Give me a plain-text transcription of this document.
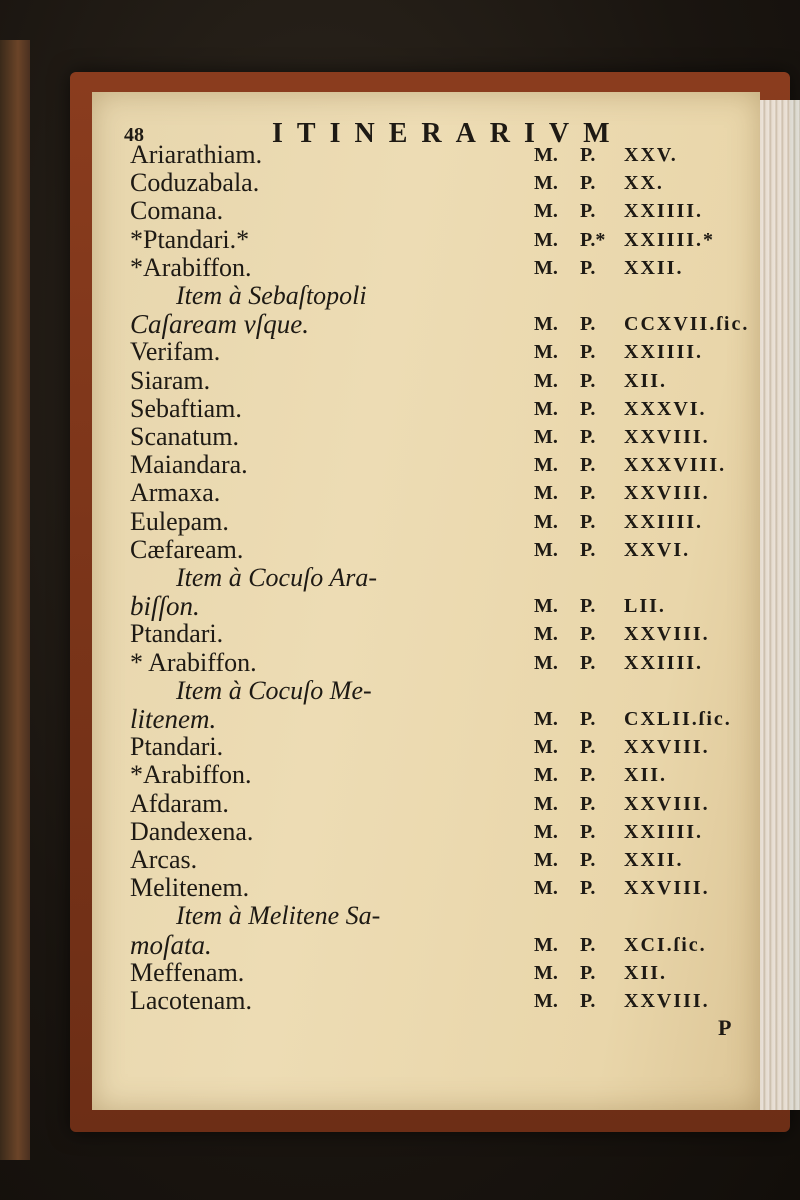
48	ITINERARIVM
Ariarathiam.	M. P. XXV.
Coduzabala.	M. P. XX.
Comana.	M. P. XXIIII.
*Ptandari.*	M. P.* XXIIII.*
*Arabiffon.	M. P. XXII.
Item à Sebaſtopoli
Caſaream vſque.	M. P. CCXVII.ſic.
Verifam.	M. P. XXIIII.
Siaram.	M. P. XII.
Sebaftiam.	M. P. XXXVI.
Scanatum.	M. P. XXVIII.
Maiandara.	M. P. XXXVIII.
Armaxa.	M. P. XXVIII.
Eulepam.	M. P. XXIIII.
Cæfaream.	M. P. XXVI.
Item à Cocuſo Ara-
biſſon.	M. P. LII.
Ptandari.	M. P. XXVIII.
* Arabiffon.	M. P. XXIIII.
Item à Cocuſo Me-
litenem.	M. P. CXLII.ſic.
Ptandari.	M. P. XXVIII.
*Arabiffon.	M. P. XII.
Afdaram.	M. P. XXVIII.
Dandexena.	M. P. XXIIII.
Arcas.	M. P. XXII.
Melitenem.	M. P. XXVIII.
Item à Melitene Sa-
moſata.	M. P. XCI.ſic.
Meffenam.	M. P. XII.
Lacotenam.	M. P. XXVIII.
P
